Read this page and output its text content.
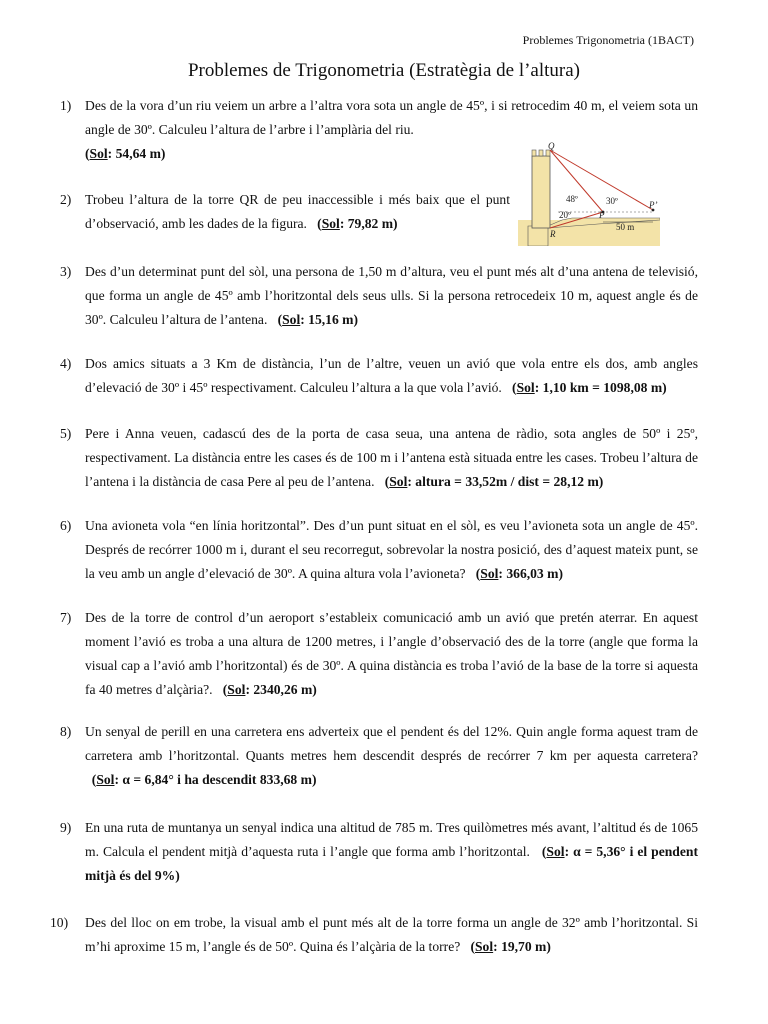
Problemes Trigonometria (1BACT)
Problemes de Trigonometria (Estratègia de l’altura)
1)	Des de la vora d’un riu veiem un arbre a l’altra vora sota un angle de 45º, i si retrocedim 40 m, el veiem sota un angle de 30º. Calculeu l’altura de l’arbre i l’amplària del riu.
(Sol: 54,64 m)
2)	Trobeu l’altura de la torre QR de peu inaccessible i més baix que el punt d’observació, amb les dades de la figura. (Sol: 79,82 m)
Q
R
P
P’
48º	30º
20º
50 m
3)	Des d’un determinat punt del sòl, una persona de 1,50 m d’altura, veu el punt més alt d’una antena de televisió, que forma un angle de 45º amb l’horitzontal dels seus ulls. Si la persona retrocedeix 10 m, aquest angle és de 30º. Calculeu l’altura de l’antena. (Sol: 15,16 m)
4)	Dos amics situats a 3 Km de distància, l’un de l’altre, veuen un avió que vola entre els dos, amb angles d’elevació de 30º i 45º respectivament. Calculeu l’altura a la que vola l’avió. (Sol: 1,10 km = 1098,08 m)
5)	Pere i Anna veuen, cadascú des de la porta de casa seua, una antena de ràdio, sota angles de 50º i 25º, respectivament. La distància entre les cases és de 100 m i l’antena està situada entre les cases. Trobeu l’altura de l’antena i la distància de casa Pere al peu de l’antena. (Sol: altura = 33,52m / dist = 28,12 m)
6)	Una avioneta vola “en línia horitzontal”. Des d’un punt situat en el sòl, es veu l’avioneta sota un angle de 45º. Després de recórrer 1000 m i, durant el seu recorregut, sobrevolar la nostra posició, des d’aquest mateix punt, se la veu amb un angle d’elevació de 30º. A quina altura vola l’avioneta? (Sol: 366,03 m)
7)	Des de la torre de control d’un aeroport s’estableix comunicació amb un avió que pretén aterrar. En aquest moment l’avió es troba a una altura de 1200 metres, i l’angle d’observació des de la torre (angle que forma la visual cap a l’avió amb l’horitzontal) és de 30º. A quina distància es troba l’avió de la base de la torre si aquesta fa 40 metres d’alçària?. (Sol: 2340,26 m)
8)	Un senyal de perill en una carretera ens adverteix que el pendent és del 12%. Quin angle forma aquest tram de carretera amb l’horitzontal. Quants metres hem descendit després de recórrer 7 km per aquesta carretera?   (Sol: α = 6,84° i ha descendit 833,68 m)
9)	En una ruta de muntanya un senyal indica una altitud de 785 m. Tres quilòmetres més avant, l’altitud és de 1065 m. Calcula el pendent mitjà d’aquesta ruta i l’angle que forma amb l’horitzontal. (Sol: α = 5,36° i el pendent mitjà és del 9%)
10)	Des del lloc on em trobe, la visual amb el punt més alt de la torre forma un angle de 32º amb l’horitzontal. Si m’hi aproxime 15 m, l’angle és de 50º. Quina és l’alçària de la torre? (Sol: 19,70 m)
